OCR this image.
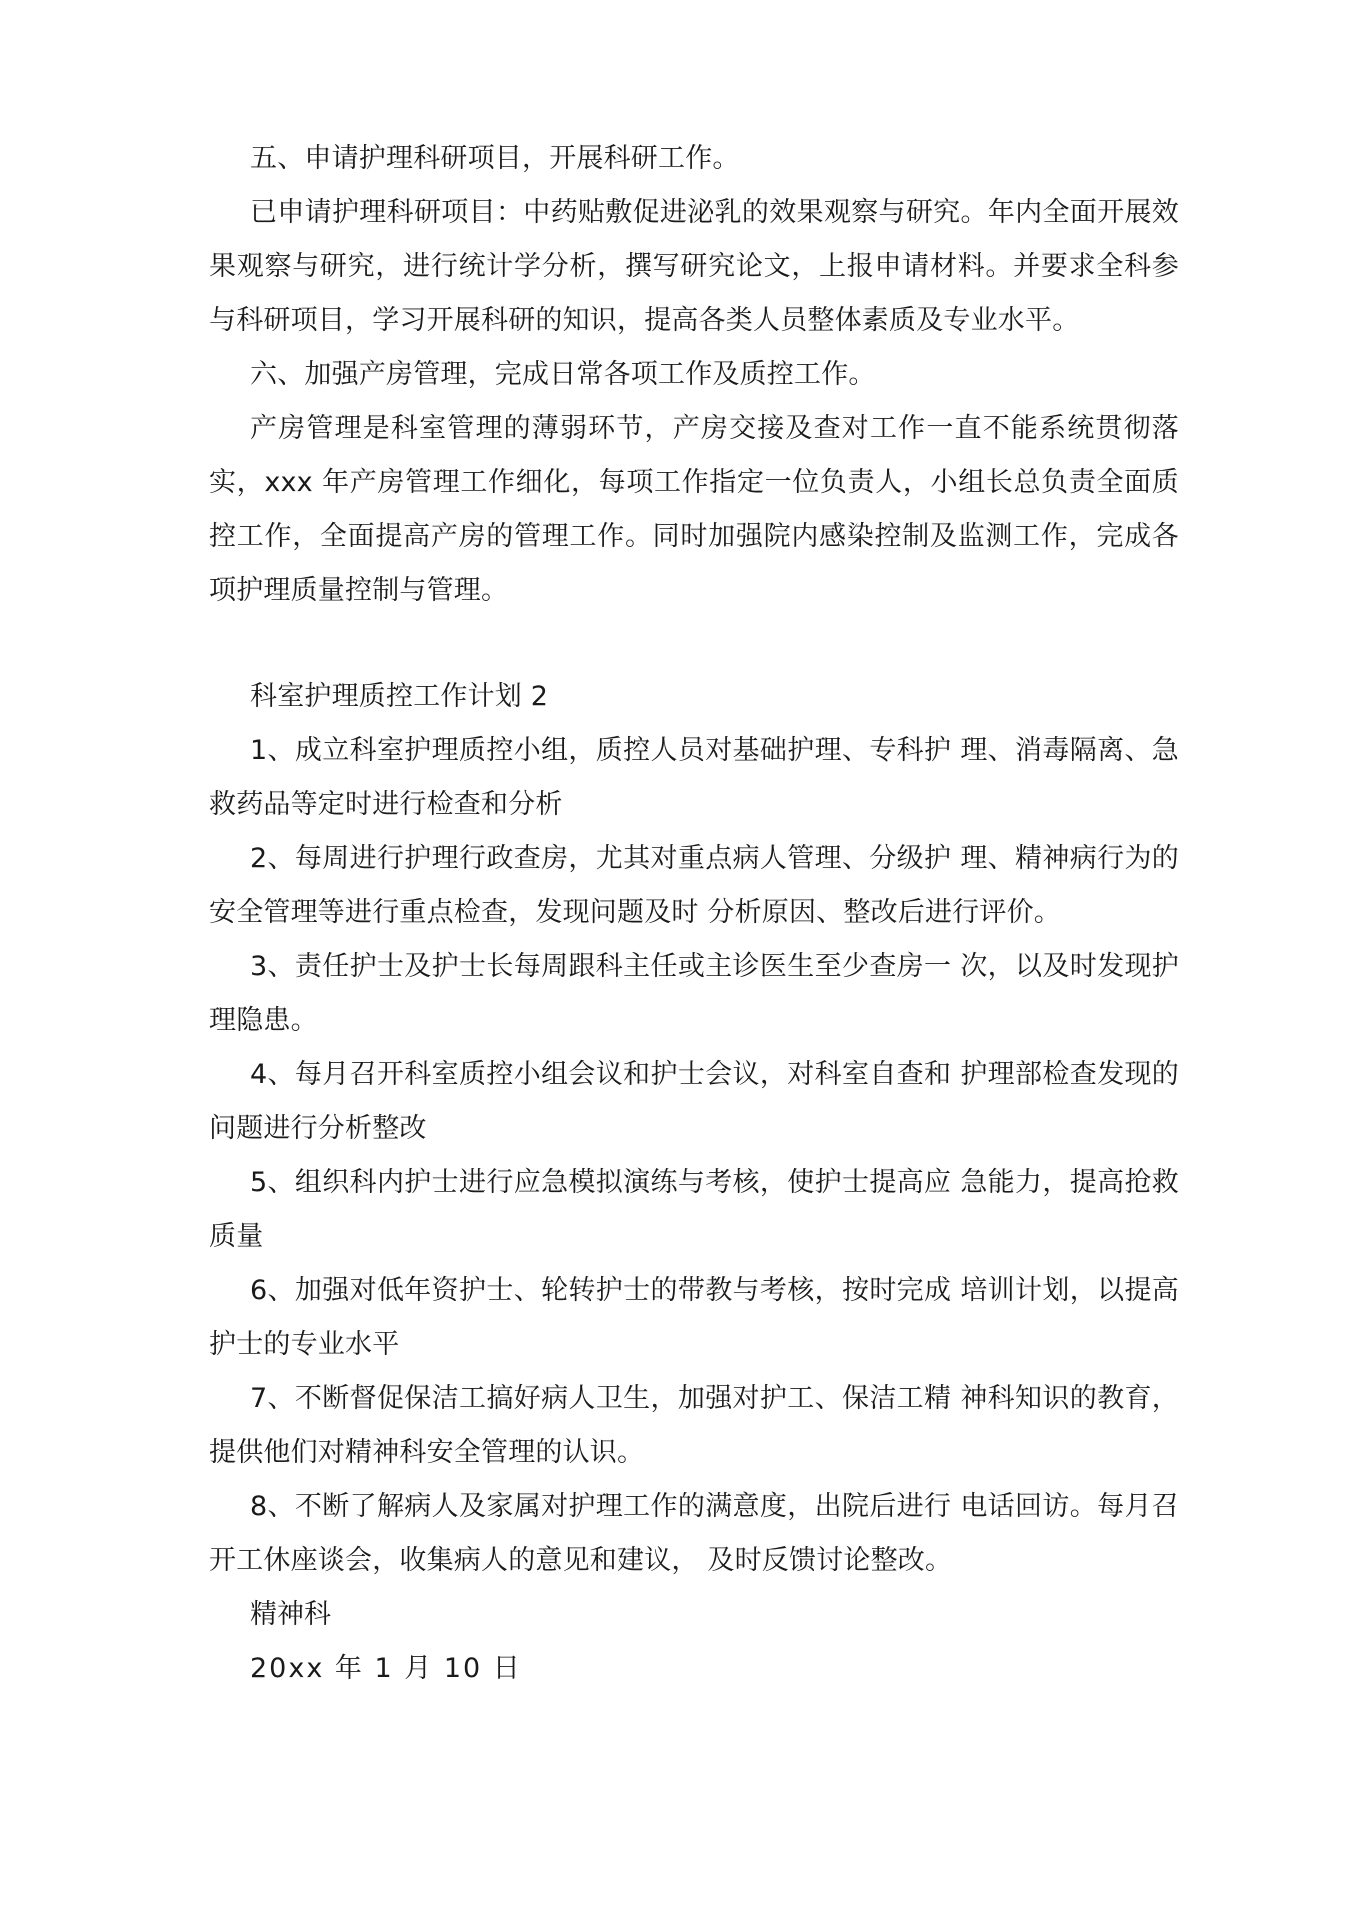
五、申请护理科研项目，开展科研工作。

已申请护理科研项目：中药贴敷促进泌乳的效果观察与研究。年内全面开展效果观察与研究，进行统计学分析，撰写研究论文，上报申请材料。并要求全科参与科研项目，学习开展科研的知识，提高各类人员整体素质及专业水平。

六、加强产房管理，完成日常各项工作及质控工作。

产房管理是科室管理的薄弱环节，产房交接及查对工作一直不能系统贯彻落实，xxx 年产房管理工作细化，每项工作指定一位负责人，小组长总负责全面质控工作，全面提高产房的管理工作。同时加强院内感染控制及监测工作，完成各项护理质量控制与管理。

科室护理质控工作计划 2

1、成立科室护理质控小组，质控人员对基础护理、专科护 理、消毒隔离、急救药品等定时进行检查和分析

2、每周进行护理行政查房，尤其对重点病人管理、分级护 理、精神病行为的安全管理等进行重点检查，发现问题及时 分析原因、整改后进行评价。

3、责任护士及护士长每周跟科主任或主诊医生至少查房一 次，以及时发现护理隐患。

4、每月召开科室质控小组会议和护士会议，对科室自查和 护理部检查发现的问题进行分析整改

5、组织科内护士进行应急模拟演练与考核，使护士提高应 急能力，提高抢救质量

6、加强对低年资护士、轮转护士的带教与考核，按时完成 培训计划，以提高护士的专业水平

7、不断督促保洁工搞好病人卫生，加强对护工、保洁工精 神科知识的教育，提供他们对精神科安全管理的认识。

8、不断了解病人及家属对护理工作的满意度，出院后进行 电话回访。每月召开工休座谈会，收集病人的意见和建议， 及时反馈讨论整改。

精神科

20xx 年 1 月 10 日
